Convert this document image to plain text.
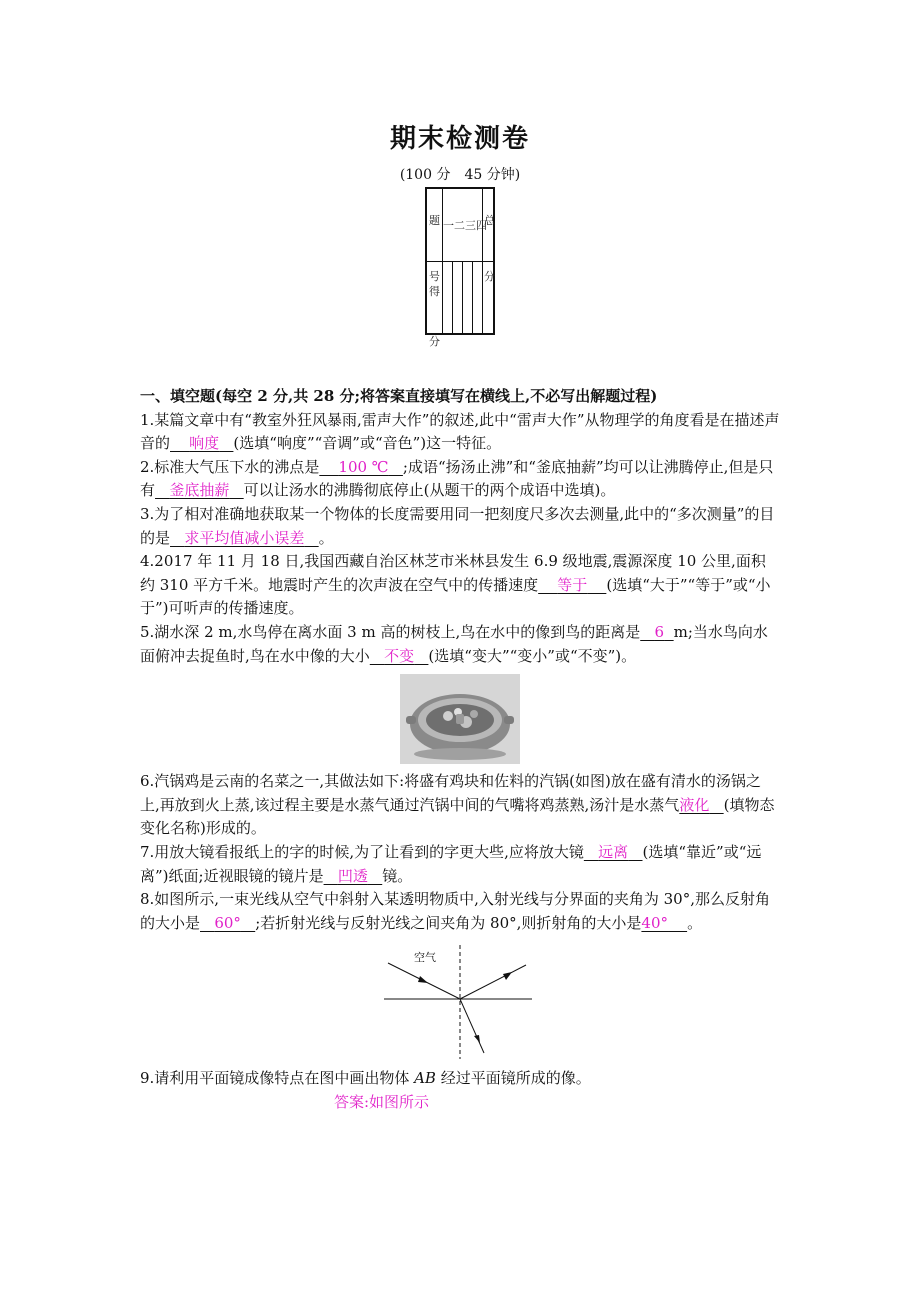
期末检测卷
(100 分　45 分钟)
题号
总分
一 二 三 四
得分

一、填空题(每空 2 分,共 28 分;将答案直接填写在横线上,不必写出解题过程)

1.某篇文章中有“教室外狂风暴雨,雷声大作”的叙述,此中“雷声大作”从物理学的角度看是在描述声音的 响度 (选填“响度”“音调”或“音色”)这一特征。

2.标准大气压下水的沸点是 100 ℃ ;成语“扬汤止沸”和“釜底抽薪”均可以让沸腾停止,但是只有 釜底抽薪 可以让汤水的沸腾彻底停止(从题干的两个成语中选填)。

3.为了相对准确地获取某一个物体的长度需要用同一把刻度尺多次去测量,此中的“多次测量”的目的是 求平均值减小误差 。

4.2017 年 11 月 18 日,我国西藏自治区林芝市米林县发生 6.9 级地震,震源深度 10 公里,面积约 310 平方千米。地震时产生的次声波在空气中的传播速度 等于 (选填“大于”“等于”或“小于”)可听声的传播速度。

5.湖水深 2 m,水鸟停在离水面 3 m 高的树枝上,鸟在水中的像到鸟的距离是 6 m;当水鸟向水面俯冲去捉鱼时,鸟在水中像的大小 不变 (选填“变大”“变小”或“不变”)。

6.汽锅鸡是云南的名菜之一,其做法如下:将盛有鸡块和佐料的汽锅(如图)放在盛有清水的汤锅之上,再放到火上蒸,该过程主要是水蒸气通过汽锅中间的气嘴将鸡蒸熟,汤汁是水蒸气液化 (填物态变化名称)形成的。

7.用放大镜看报纸上的字的时候,为了让看到的字更大些,应将放大镜 远离 (选填“靠近”或“远离”)纸面;近视眼镜的镜片是 凹透 镜。

8.如图所示,一束光线从空气中斜射入某透明物质中,入射光线与分界面的夹角为 30°,那么反射角的大小是 60° ;若折射光线与反射光线之间夹角为 80°,则折射角的大小是40° 。

空气

9.请利用平面镜成像特点在图中画出物体 AB 经过平面镜所成的像。

答案:如图所示
